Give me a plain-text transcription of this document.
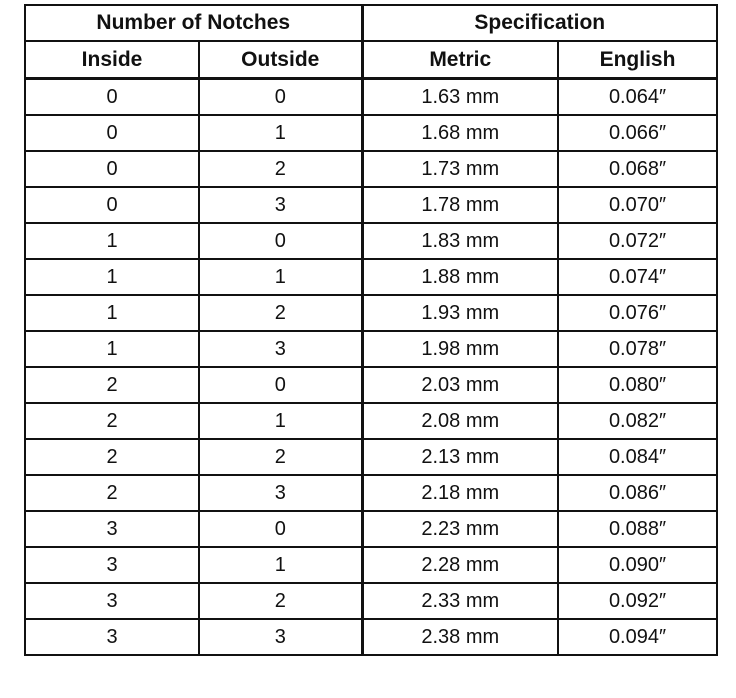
Number of Notches		Specification	
Inside	Outside	Metric	English
0	0	1.63 mm	0.064″
0	1	1.68 mm	0.066″
0	2	1.73 mm	0.068″
0	3	1.78 mm	0.070″
1	0	1.83 mm	0.072″
1	1	1.88 mm	0.074″
1	2	1.93 mm	0.076″
1	3	1.98 mm	0.078″
2	0	2.03 mm	0.080″
2	1	2.08 mm	0.082″
2	2	2.13 mm	0.084″
2	3	2.18 mm	0.086″
3	0	2.23 mm	0.088″
3	1	2.28 mm	0.090″
3	2	2.33 mm	0.092″
3	3	2.38 mm	0.094″
